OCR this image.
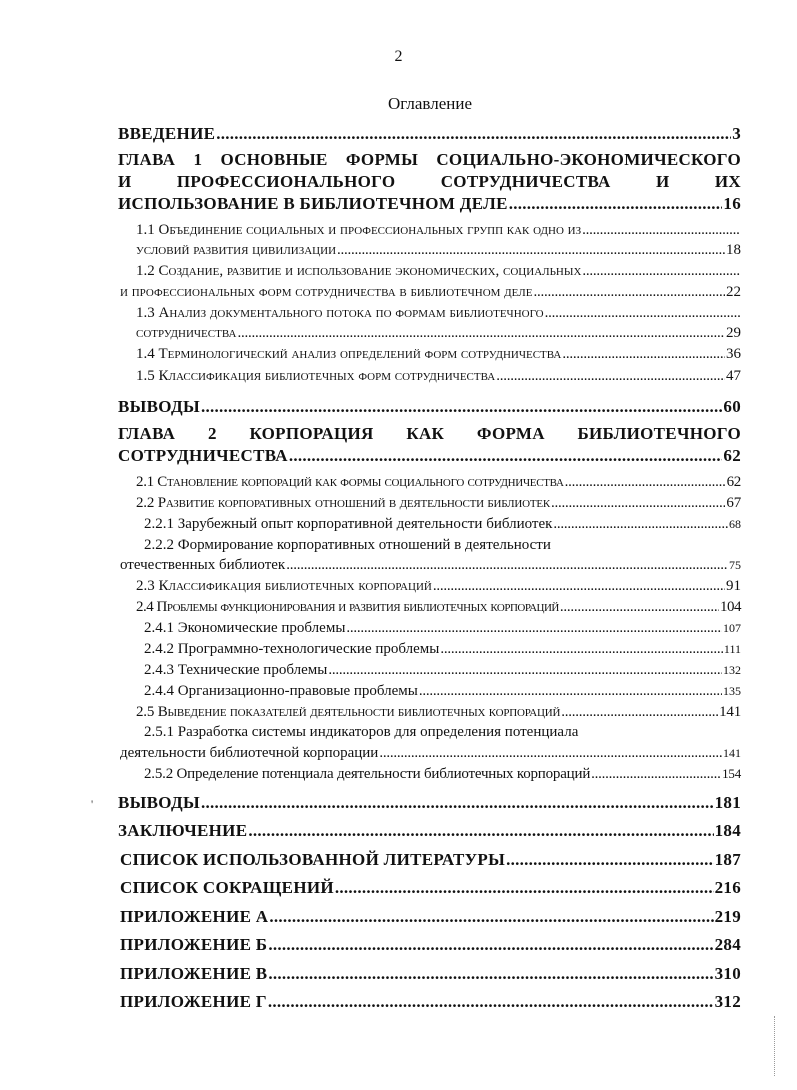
2
Оглавление
ВВЕДЕНИЕ . . .	3
ГЛАВА 1 ОСНОВНЫЕ ФОРМЫ СОЦИАЛЬНО-ЭКОНОМИЧЕСКОГО
И ПРОФЕССИОНАЛЬНОГО СОТРУДНИЧЕСТВА И ИХ
ИСПОЛЬЗОВАНИЕ В БИБЛИОТЕЧНОМ ДЕЛЕ . . .	16
1.1 Объединение социальных и профессиональных групп как одно из
. . .
условий развития цивилизации . . .	18
1.2 Создание, развитие и использование экономических, социальных
. . .
и профессиональных форм сотрудничества в библиотечном деле . . .	22
1.3 Анализ документального потока по формам библиотечного
. . .
сотрудничества . . .	29
1.4 Терминологический анализ определений форм сотрудничества . . .	36
1.5 Классификация библиотечных форм сотрудничества . . .	47
ВЫВОДЫ . . .	60
ГЛАВА 2 КОРПОРАЦИЯ КАК ФОРМА БИБЛИОТЕЧНОГО
СОТРУДНИЧЕСТВА . . .	62
2.1 Становление корпораций как формы социального сотрудничества . . .	62
2.2 Развитие корпоративных отношений в деятельности библиотек . . .	67
2.2.1 Зарубежный опыт корпоративной деятельности библиотек . . .	68
2.2.2 Формирование корпоративных отношений в деятельности
отечественных библиотек . . .	75
2.3 Классификация библиотечных корпораций . . .	91
2.4 Проблемы функционирования и развития библиотечных корпораций . . .	104
2.4.1 Экономические проблемы . . .	107
2.4.2 Программно-технологические проблемы . . .	111
2.4.3 Технические проблемы . . .	132
2.4.4 Организационно-правовые проблемы . . .	135
2.5 Выведение показателей деятельности библиотечных корпораций . . .	141
2.5.1 Разработка системы индикаторов для определения потенциала
деятельности библиотечной корпорации . . .	141
2.5.2 Определение потенциала деятельности библиотечных корпораций . . .	154
ВЫВОДЫ . . .	181
ЗАКЛЮЧЕНИЕ . . .	184
СПИСОК ИСПОЛЬЗОВАННОЙ ЛИТЕРАТУРЫ . . .	187
СПИСОК СОКРАЩЕНИЙ . . .	216
ПРИЛОЖЕНИЕ А . . .	219
ПРИЛОЖЕНИЕ Б . . .	284
ПРИЛОЖЕНИЕ В . . .	310
ПРИЛОЖЕНИЕ Г . . .	312
'
